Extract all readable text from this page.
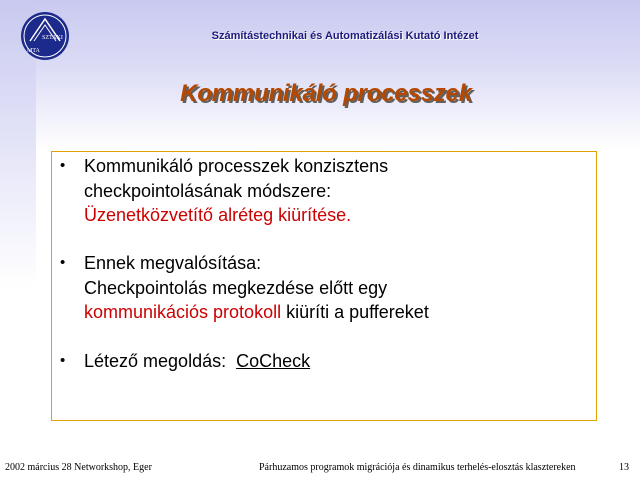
MTA
SZTAKI	Számítástechnikai és Automatizálási Kutató Intézet
Kommunikáló processzek
• Kommunikáló processzek konzisztens
checkpointolásának módszere:
Üzenetközvetítő alréteg kiürítése.
• Ennek megvalósítása:
Checkpointolás megkezdése előtt egy
kommunikációs protokoll kiüríti a puffereket
• Létező megoldás:  CoCheck
2002 március 28 Networkshop, Eger	Párhuzamos programok migrációja és dinamikus terhelés-elosztás klasztereken	13
